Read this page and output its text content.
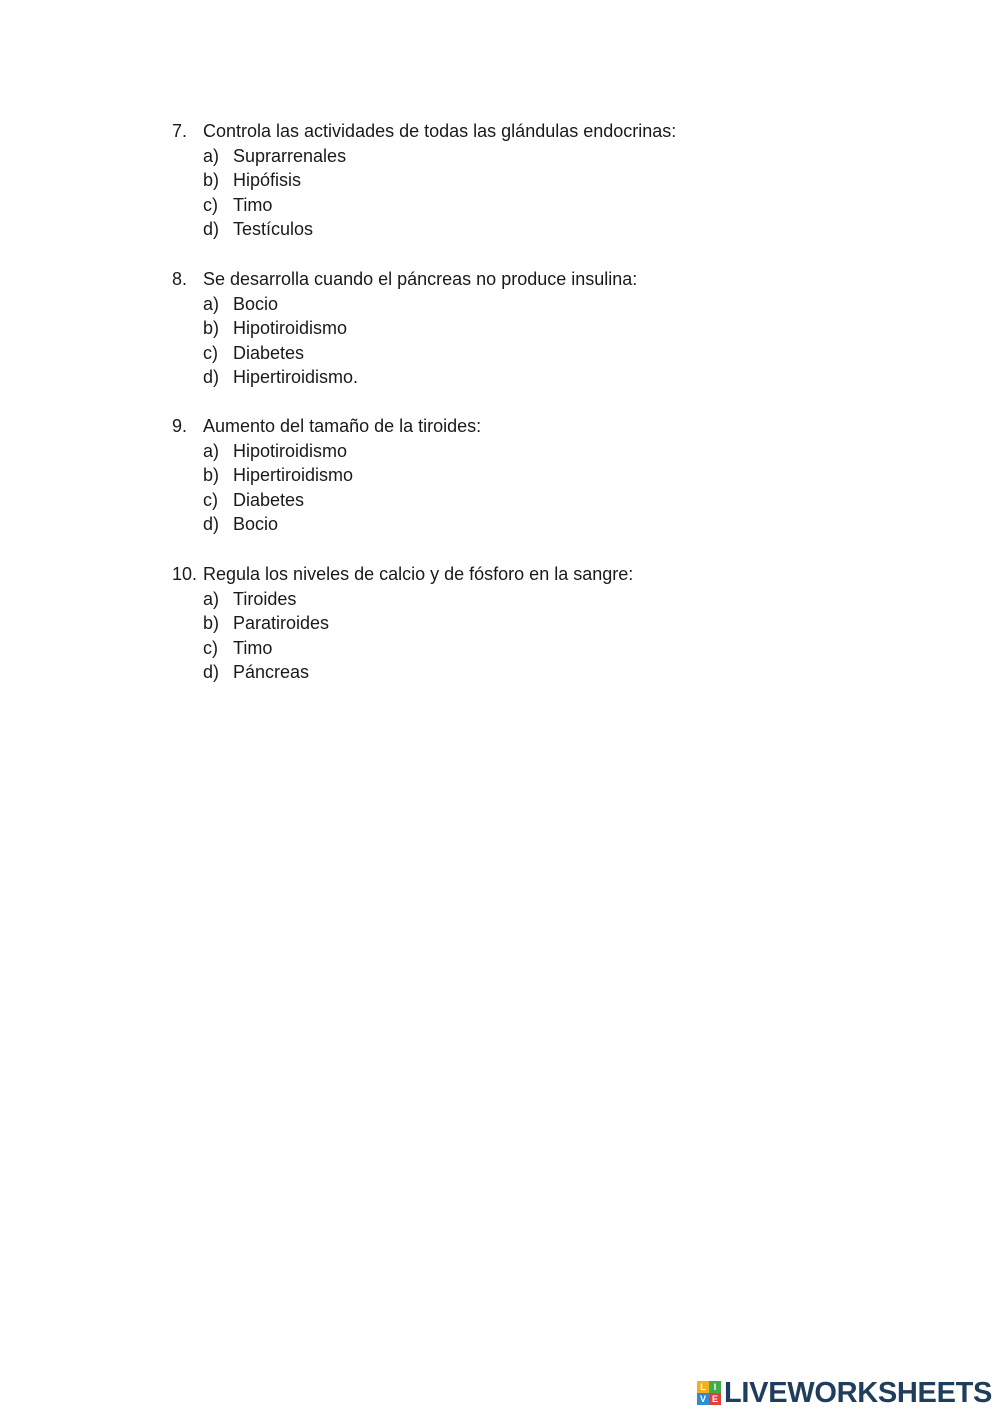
7. Controla las actividades de todas las glándulas endocrinas:
a) Suprarrenales
b) Hipófisis
c) Timo
d) Testículos
8. Se desarrolla cuando el páncreas no produce insulina:
a) Bocio
b) Hipotiroidismo
c) Diabetes
d) Hipertiroidismo.
9. Aumento del tamaño de la tiroides:
a) Hipotiroidismo
b) Hipertiroidismo
c) Diabetes
d) Bocio
10. Regula los niveles de calcio y de fósforo en la sangre:
a) Tiroides
b) Paratiroides
c) Timo
d) Páncreas
L I
V E LIVEWORKSHEETS
